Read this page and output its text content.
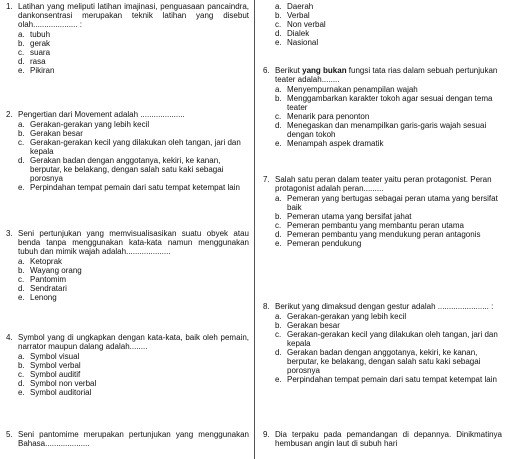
1. Latihan yang meliputi latihan imajinasi, penguasaan pancaindra, dankonsentrasi merupakan teknik latihan yang disebut olah.................... :
a. tubuh
b. gerak
c. suara
d. rasa
e. Pikiran
2. Pengertian dari Movement adalah ....................
a. Gerakan-gerakan yang lebih kecil
b. Gerakan besar
c. Gerakan-gerakan kecil yang dilakukan oleh tangan, jari dan kepala
d. Gerakan badan dengan anggotanya, kekiri, ke kanan, berputar, ke belakang, dengan salah satu kaki sebagai porosnya
e. Perpindahan tempat pemain dari satu tempat ketempat lain
3. Seni pertunjukan yang memvisualisasikan suatu obyek atau benda tanpa menggunakan kata-kata namun menggunakan tubuh dan mimik wajah adalah....................
a. Ketoprak
b. Wayang orang
c. Pantomim
d. Sendratari
e. Lenong
4. Symbol yang di ungkapkan dengan kata-kata, baik oleh pemain, narrator maupun dalang adalah........
a. Symbol visual
b. Symbol verbal
c. Symbol auditif
d. Symbol non verbal
e. Symbol auditorial
5. Seni pantomime merupakan pertunjukan yang menggunakan Bahasa....................
a. Daerah
b. Verbal
c. Non verbal
d. Dialek
e. Nasional
6. Berikut yang bukan fungsi tata rias dalam sebuah pertunjukan teater adalah........
a. Menyempurnakan penampilan wajah
b. Menggambarkan karakter tokoh agar sesuai dengan tema teater
c. Menarik para penonton
d. Menegaskan dan menampilkan garis-garis wajah sesuai dengan tokoh
e. Menampah aspek dramatik
7. Salah satu peran dalam teater yaitu peran protagonist. Peran protagonist adalah peran.........
a. Pemeran yang bertugas sebagai peran utama yang bersifat baik
b. Pemeran utama yang bersifat jahat
c. Pemeran pembantu yang membantu peran utama
d. Pemeran pembantu yang mendukung peran antagonis
e. Pemeran pendukung
8. Berikut yang dimaksud dengan gestur adalah ....................... :
a. Gerakan-gerakan yang lebih kecil
b. Gerakan besar
c. Gerakan-gerakan kecil yang dilakukan oleh tangan, jari dan kepala
d. Gerakan badan dengan anggotanya, kekiri, ke kanan, berputar, ke belakang, dengan salah satu kaki sebagai porosnya
e. Perpindahan tempat pemain dari satu tempat ketempat lain
9. Dia terpaku pada pemandangan di depannya. Dinikmatinya hembusan angin laut di subuh hari
